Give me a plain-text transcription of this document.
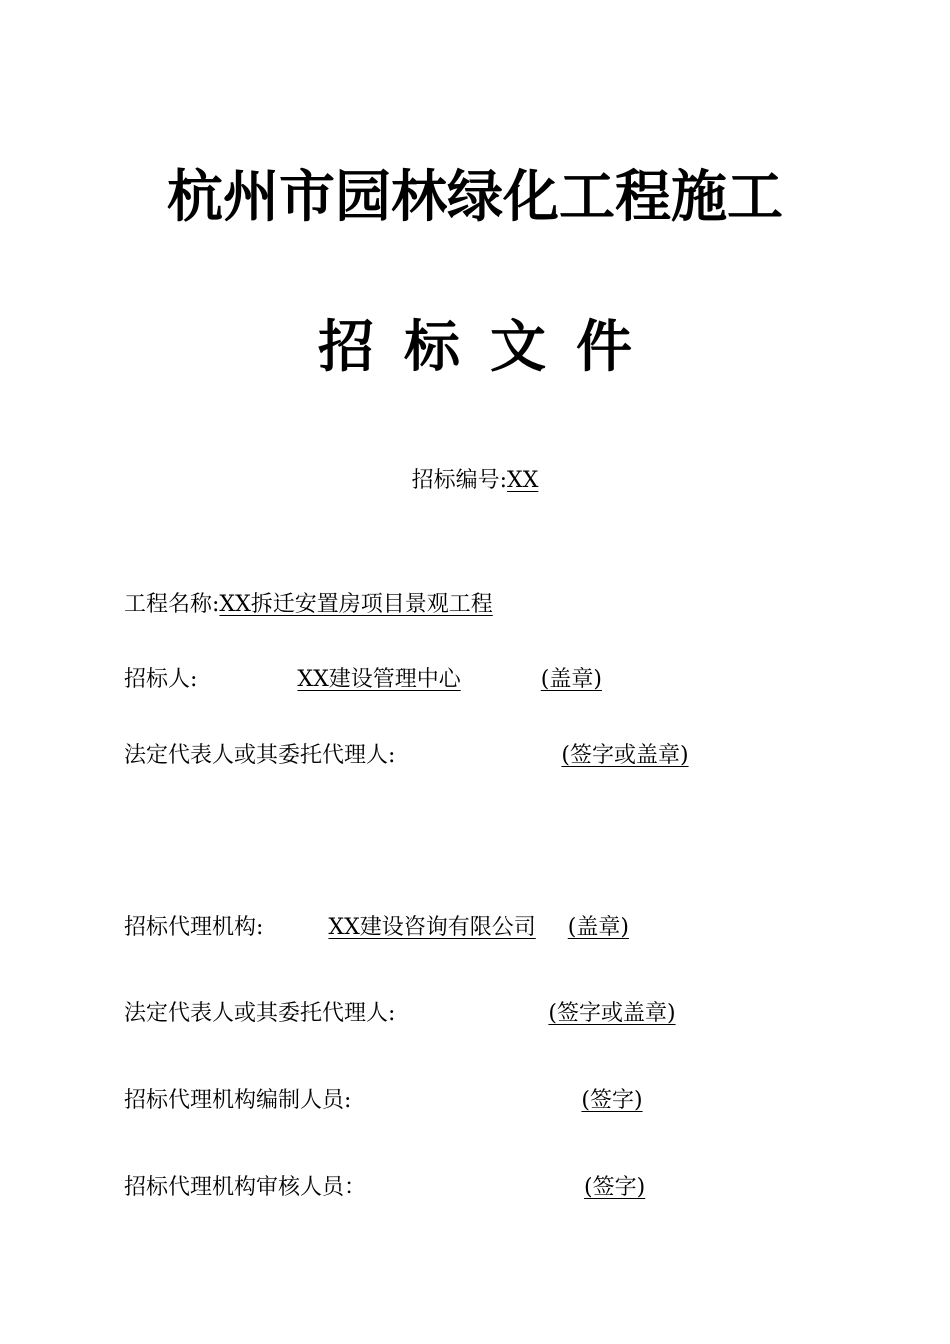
杭州市园林绿化工程施工
招标文件
招标编号:XX
工程名称:XX拆迁安置房项目景观工程
招标人:	XX建设管理中心	(盖章)
法定代表人或其委托代理人:	(签字或盖章)
招标代理机构:	XX建设咨询有限公司 (盖章)
法定代表人或其委托代理人:	(签字或盖章)
招标代理机构编制人员:	(签字)
招标代理机构审核人员：	(签字)
